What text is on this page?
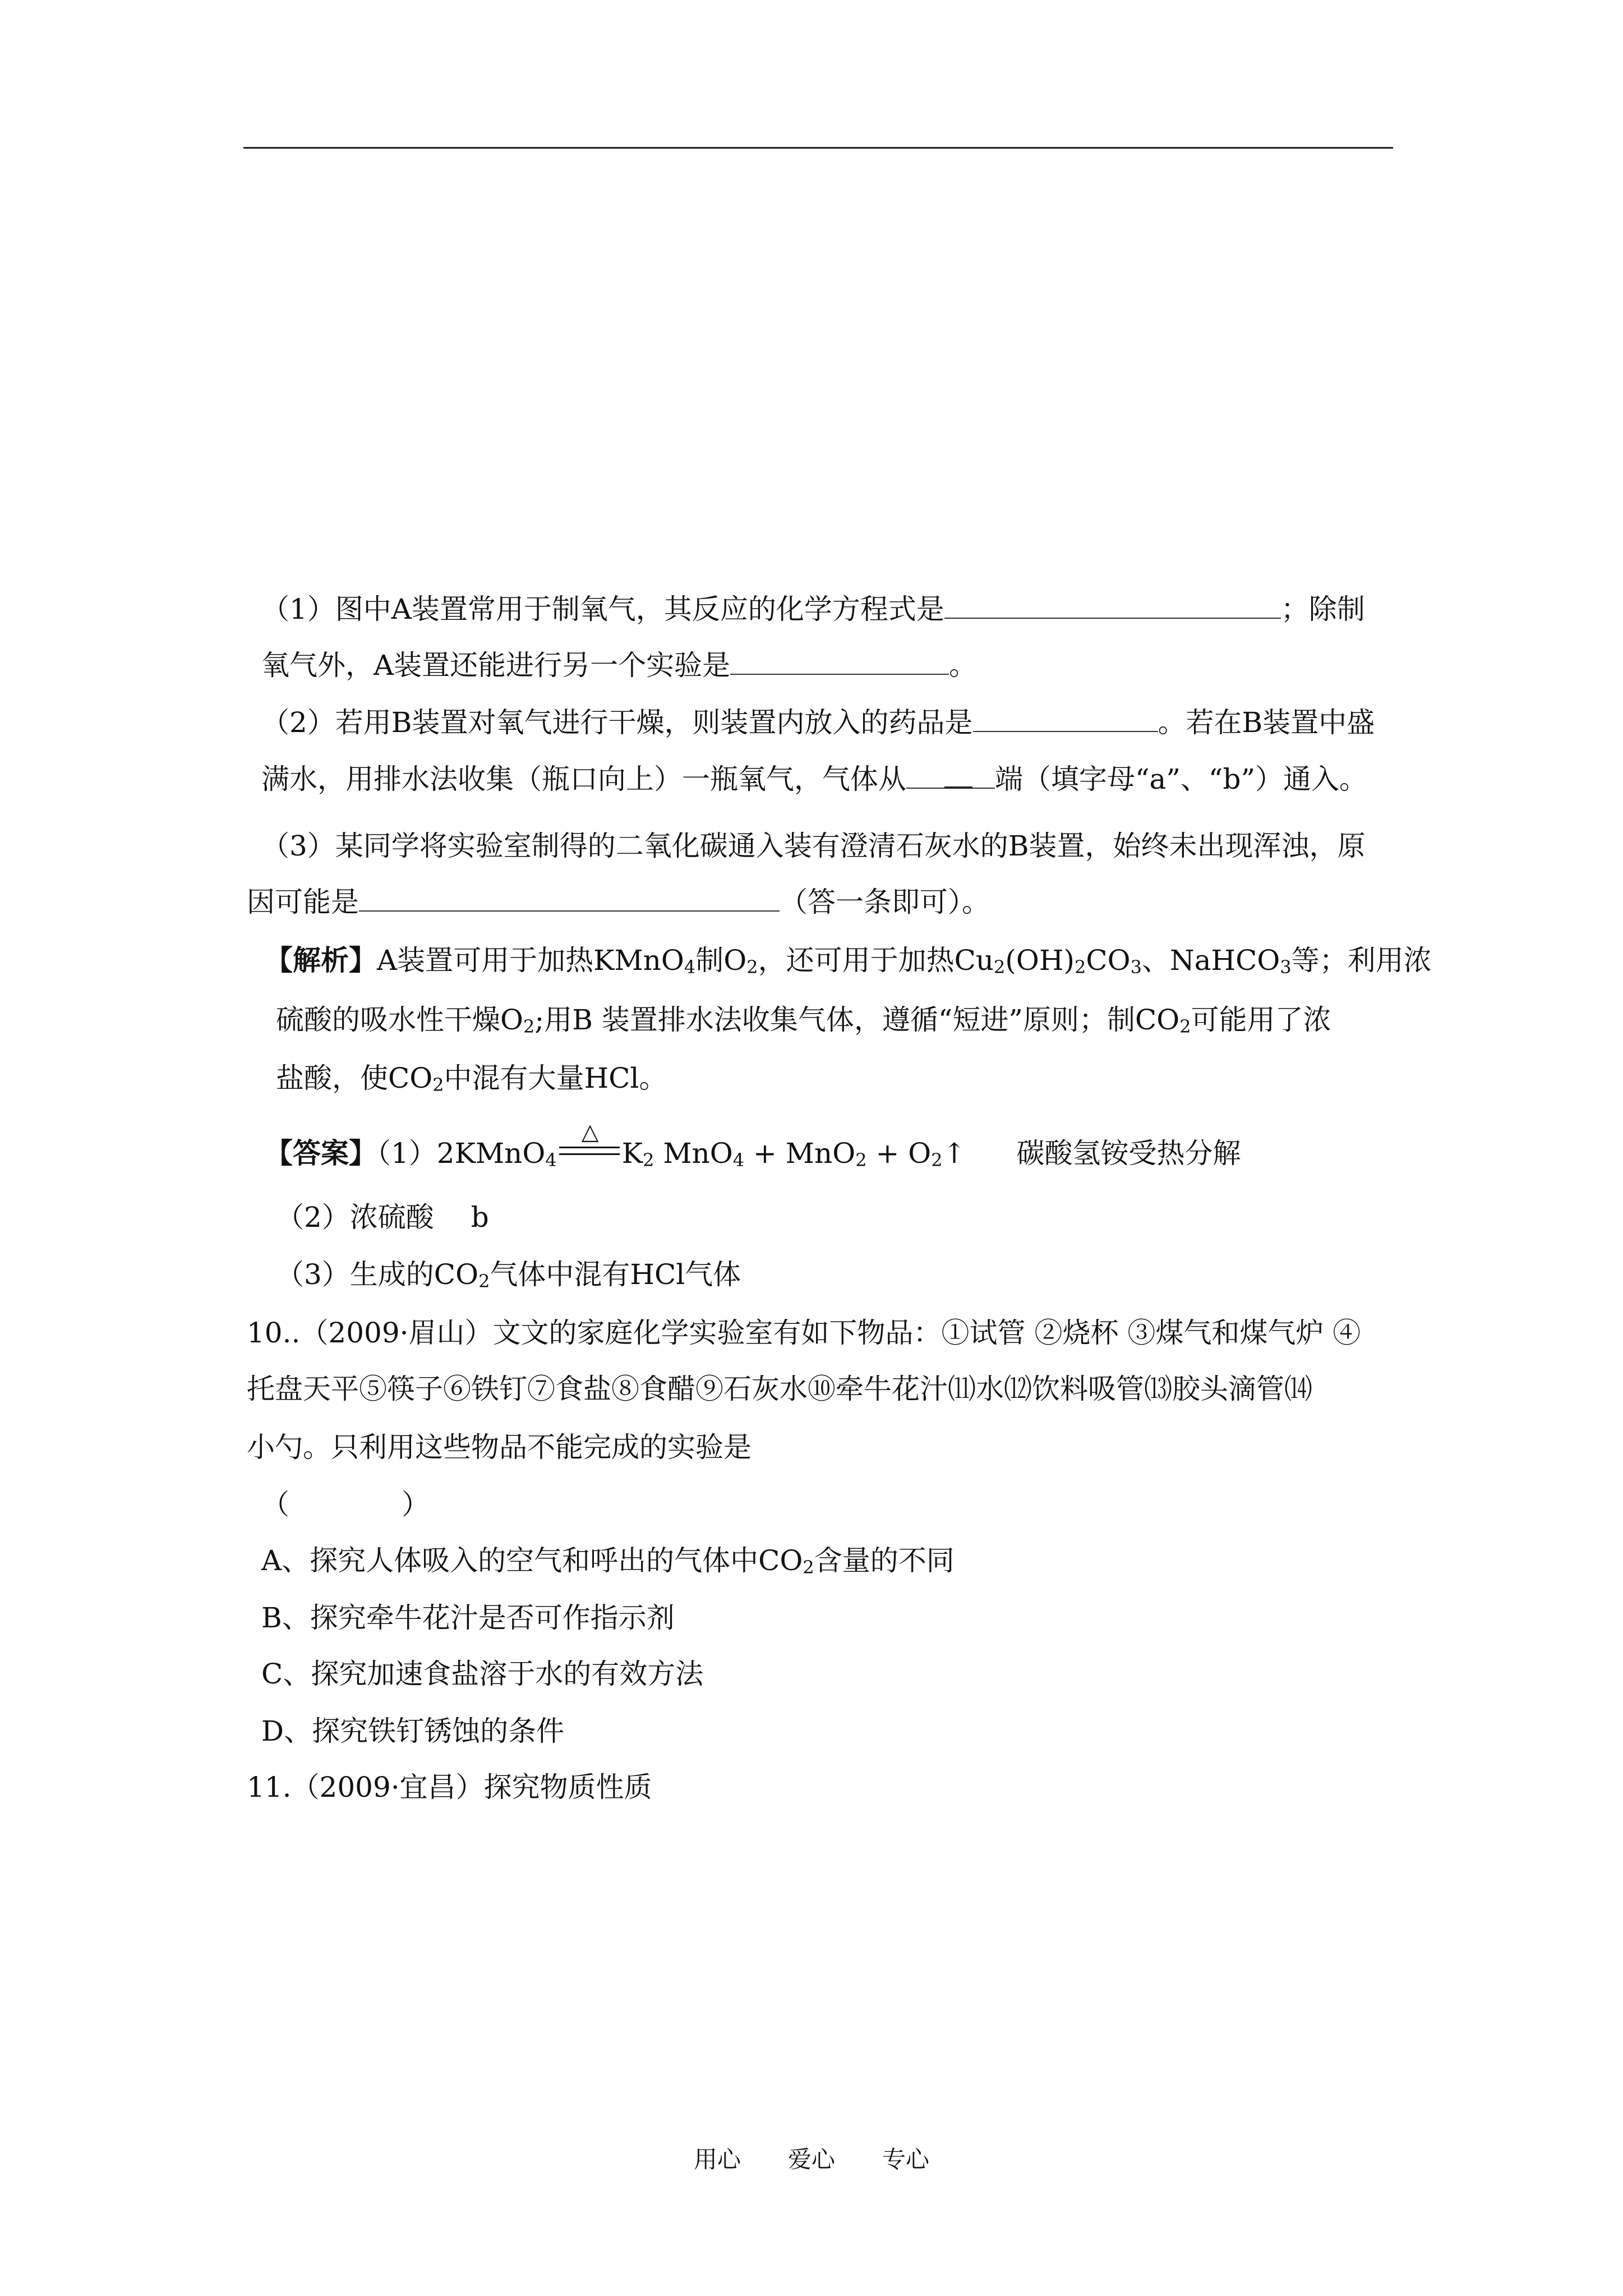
（1）图中A装置常用于制氧气，其反应的化学方程式是	；除制
氧气外，A装置还能进行另一个实验是	。
（2）若用B装置对氧气进行干燥，则装置内放入的药品是	。若在B装置中盛
满水，用排水法收集（瓶口向上）一瓶氧气，气体从	端（填字母“a”、“b”）通入。
（3）某同学将实验室制得的二氧化碳通入装有澄清石灰水的B装置，始终未出现浑浊，原
因可能是	（答一条即可）。
【解析】A装置可用于加热KMnO$_4$制$O_2$，还可用于加热$Cu_2(OH)_2CO_3$、NaHCO$_3$等；利用浓
硫酸的吸水性干燥$O_2$;用B 装置排水法收集气体，遵循“短进”原则；制$CO_2$可能用了浓
盐酸，使$CO_2$中混有大量HCl。
【答案】（1）2KMnO$_4$
△
$K_2$ $MnO_4 + MnO_2 + O_2↑$ 碳酸氢铵受热分解
（2）浓硫酸　 b
（3）生成的$CO_2$气体中混有HCl气体
10..（2009·眉山）文文的家庭化学实验室有如下物品：①试管 ②烧杯 ③煤气和煤气炉 ④
托盘天平⑤筷子⑥铁钉⑦食盐⑧食醋⑨石灰水⑩牵牛花汁⑾水⑿饮料吸管⒀胶头滴管⒁
小勺。只利用这些物品不能完成的实验是
（　　　　）
A、探究人体吸入的空气和呼出的气体中$CO_2$含量的不同
B、探究牵牛花汁是否可作指示剂
C、探究加速食盐溶于水的有效方法
D、探究铁钉锈蚀的条件
11.（2009·宜昌）探究物质性质
用心 爱心 专心
